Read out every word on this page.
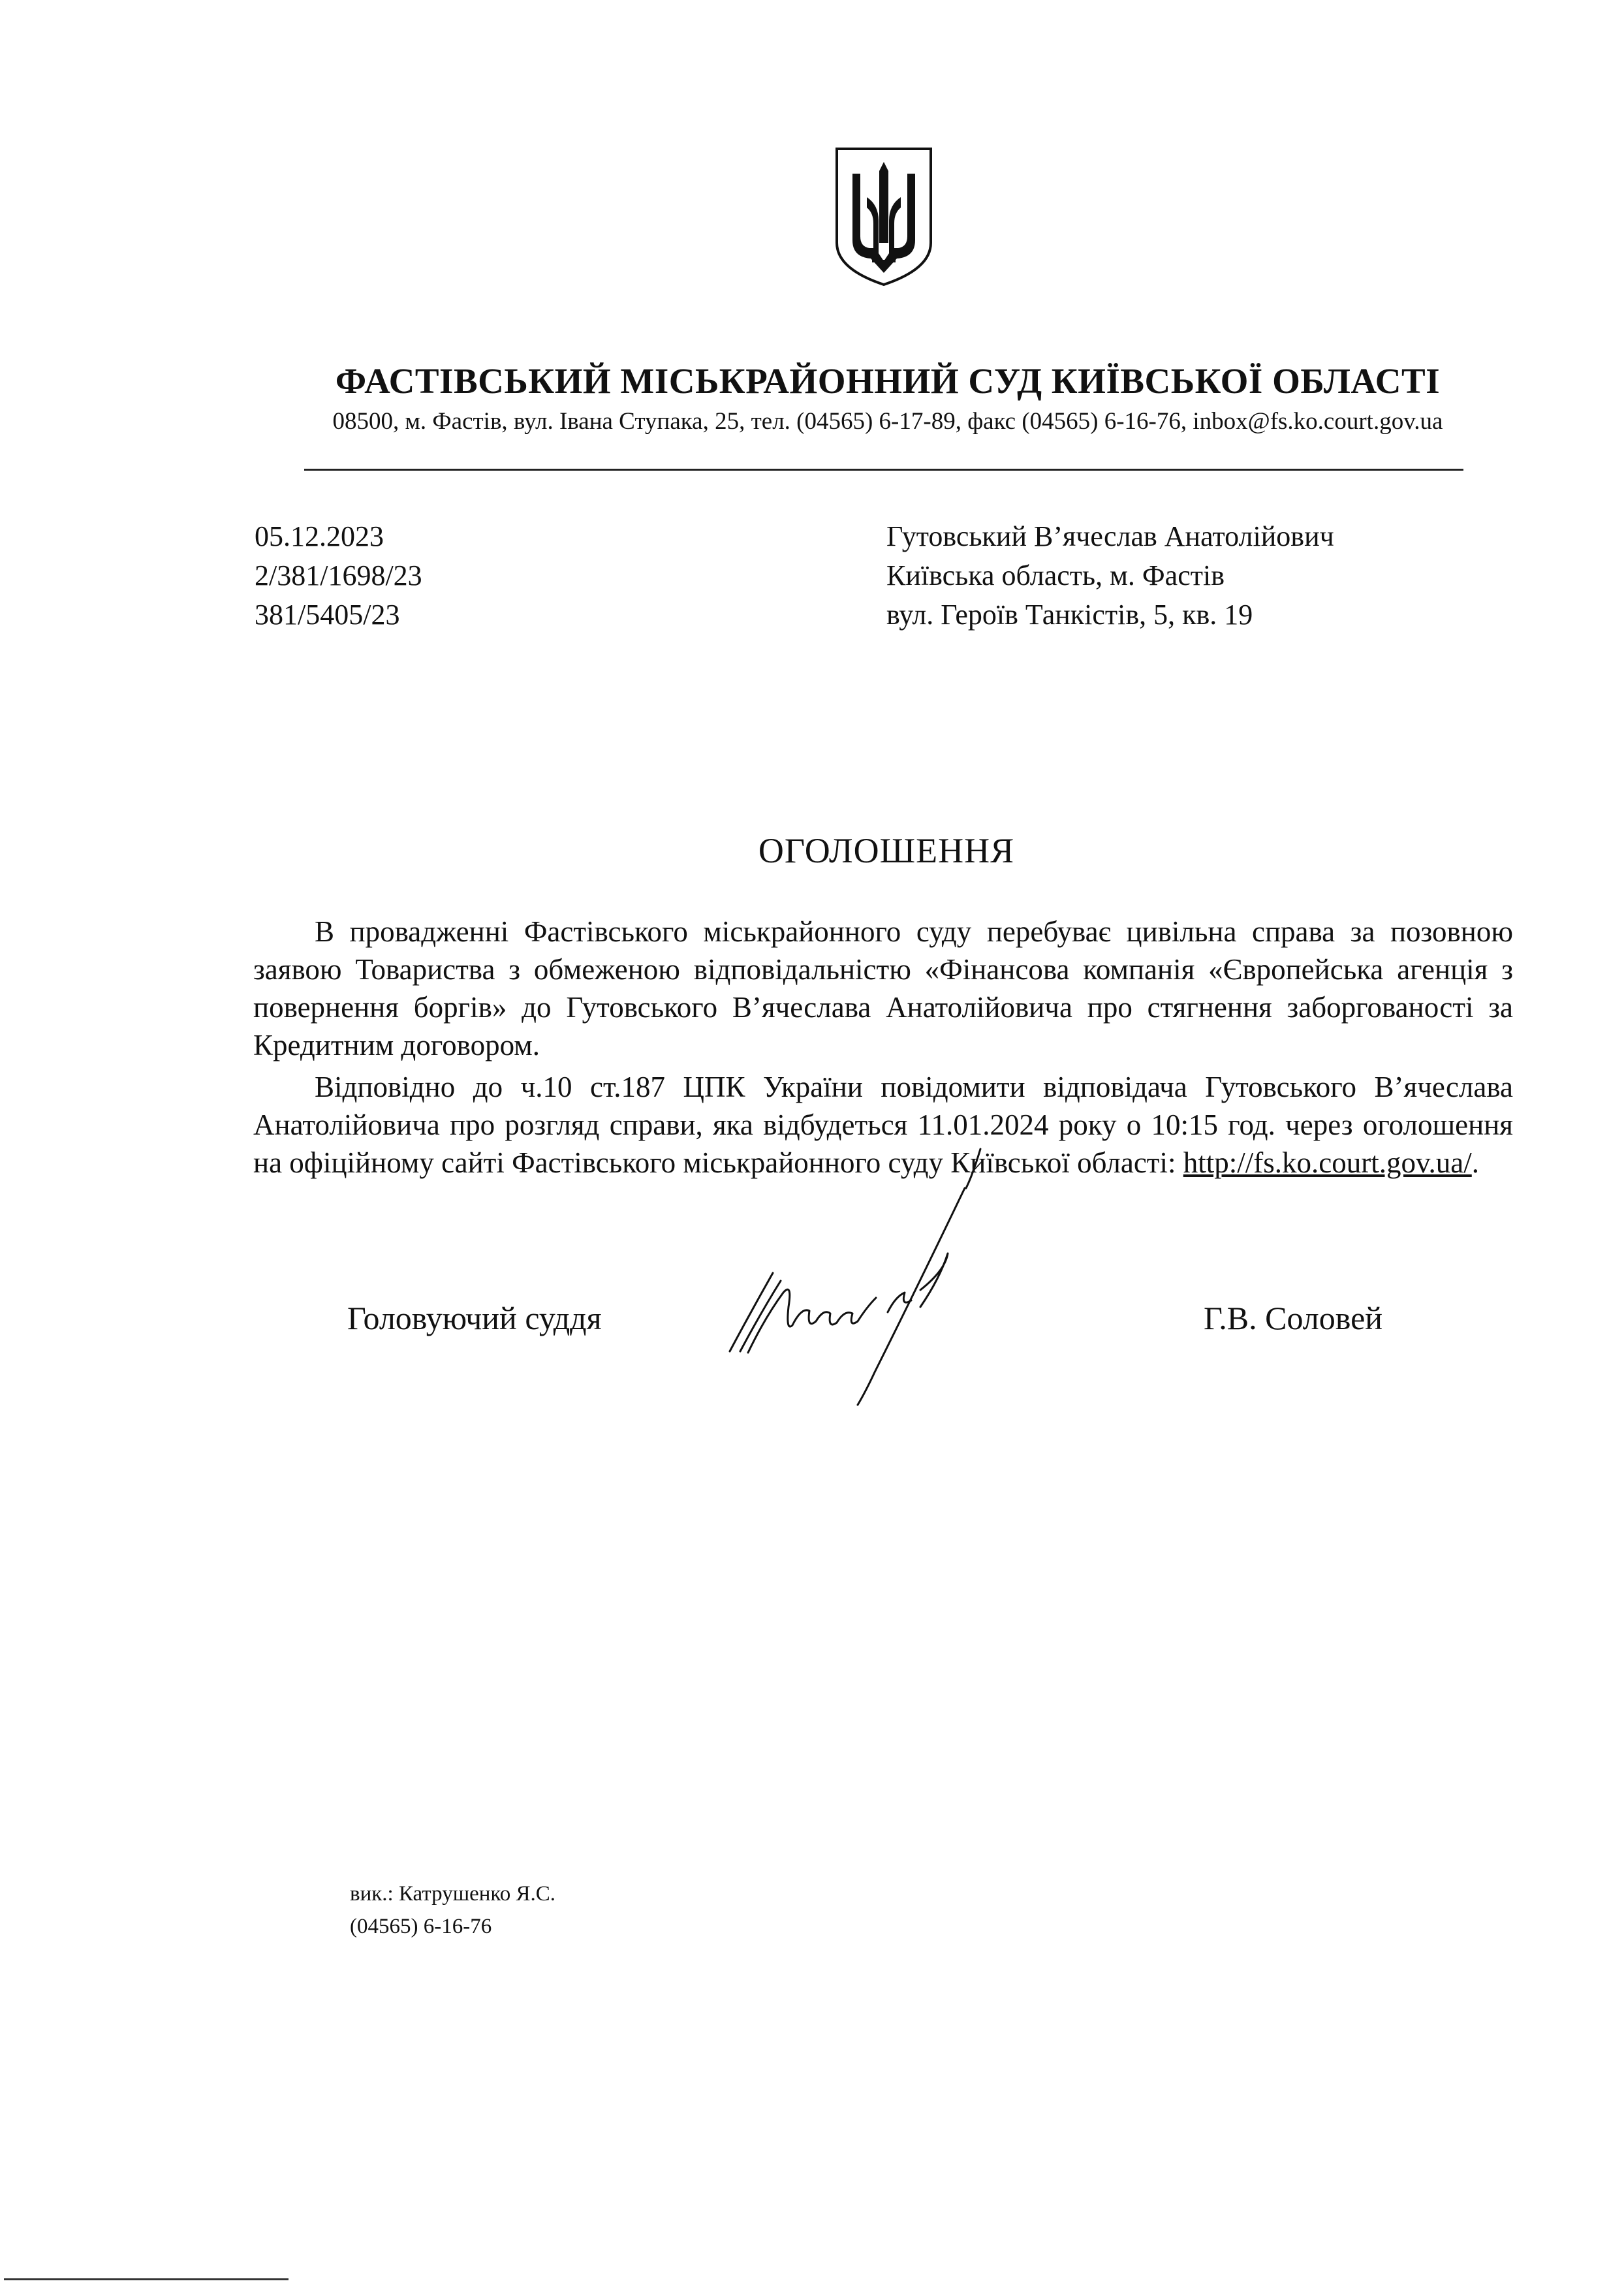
ФАСТІВСЬКИЙ МІСЬКРАЙОННИЙ СУД КИЇВСЬКОЇ ОБЛАСТІ
08500, м. Фастів, вул. Івана Ступака, 25, тел. (04565) 6-17-89, факс (04565) 6-16-76, inbox@fs.ko.court.gov.ua
05.12.2023
2/381/1698/23
381/5405/23
Гутовський В’ячеслав Анатолійович
Київська область, м. Фастів
вул. Героїв Танкістів, 5, кв. 19
ОГОЛОШЕННЯ
В провадженні Фастівського міськрайонного суду перебуває цивільна справа за позовною заявою Товариства з обмеженою відповідальністю «Фінансова компанія «Європейська агенція з повернення боргів» до Гутовського В’ячеслава Анатолійовича про стягнення заборгованості за Кредитним договором.
Відповідно до ч.10 ст.187 ЦПК України повідомити відповідача Гутовського В’ячеслава Анатолійовича про розгляд справи, яка відбудеться 11.01.2024 року о 10:15 год. через оголошення на офіційному сайті Фастівського міськрайонного суду Київської області: http://fs.ko.court.gov.ua/.
Головуючий суддя	Г.В. Соловей
вик.: Катрушенко Я.С.
(04565) 6-16-76
